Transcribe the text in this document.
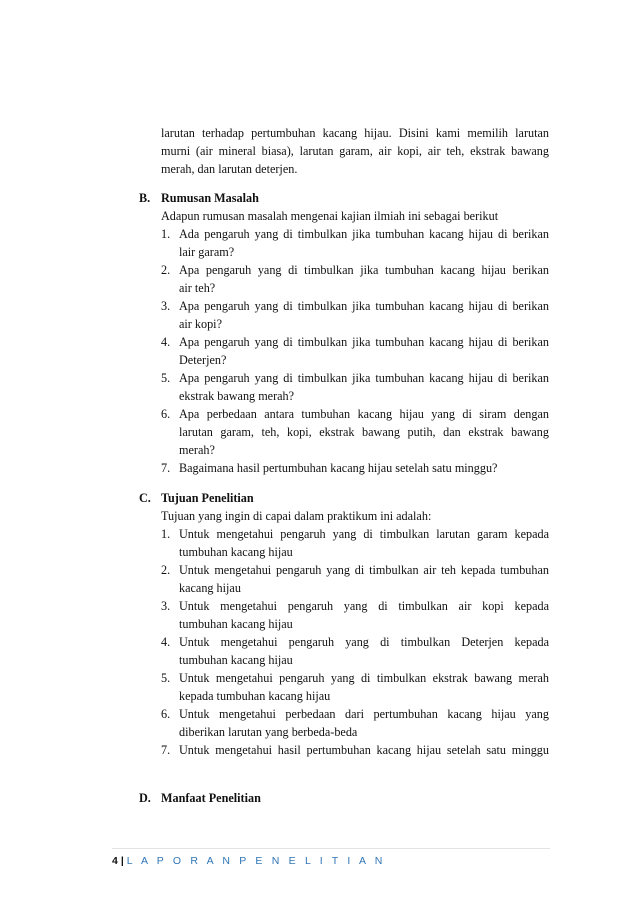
larutan terhadap pertumbuhan kacang hijau. Disini kami memilih larutan
murni (air mineral biasa), larutan garam, air kopi, air teh, ekstrak bawang
merah, dan larutan deterjen.
B. Rumusan Masalah
Adapun rumusan masalah mengenai kajian ilmiah ini sebagai berikut
1. Ada pengaruh yang di timbulkan jika tumbuhan kacang hijau di berikan
lair garam?
2. Apa pengaruh yang di timbulkan jika tumbuhan kacang hijau berikan
air teh?
3. Apa pengaruh yang di timbulkan jika tumbuhan kacang hijau di berikan
air kopi?
4. Apa pengaruh yang di timbulkan jika tumbuhan kacang hijau di berikan
Deterjen?
5. Apa pengaruh yang di timbulkan jika tumbuhan kacang hijau di berikan
ekstrak bawang merah?
6. Apa perbedaan antara tumbuhan kacang hijau yang di siram dengan
larutan garam, teh, kopi, ekstrak bawang putih, dan ekstrak bawang
merah?
7. Bagaimana hasil pertumbuhan kacang hijau setelah satu minggu?
C. Tujuan Penelitian
Tujuan yang ingin di capai dalam praktikum ini adalah:
1. Untuk mengetahui pengaruh yang di timbulkan larutan garam kepada
tumbuhan kacang hijau
2. Untuk mengetahui pengaruh yang di timbulkan air teh kepada tumbuhan
kacang hijau
3. Untuk mengetahui pengaruh yang di timbulkan air kopi kepada
tumbuhan kacang hijau
4. Untuk mengetahui pengaruh yang di timbulkan Deterjen kepada
tumbuhan kacang hijau
5. Untuk mengetahui pengaruh yang di timbulkan ekstrak bawang merah
kepada tumbuhan kacang hijau
6. Untuk mengetahui perbedaan dari pertumbuhan kacang hijau yang
diberikan larutan yang berbeda-beda
7. Untuk mengetahui hasil pertumbuhan kacang hijau setelah satu minggu
D. Manfaat Penelitian
4 | L A P O R A N P E N E L I T I A N
